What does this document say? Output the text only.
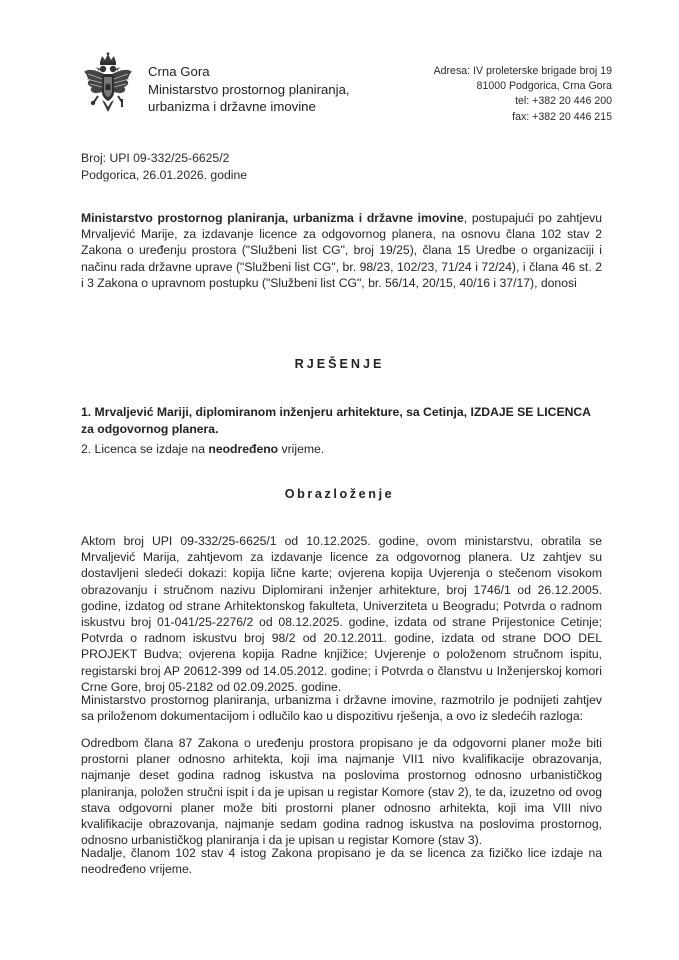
Crna Gora
Ministarstvo prostornog planiranja,
urbanizma i državne imovine
Adresa: IV proleterske brigade broj 19
81000 Podgorica, Crna Gora
tel: +382 20 446 200
fax: +382 20 446 215
Broj: UPI 09-332/25-6625/2
Podgorica, 26.01.2026. godine
Ministarstvo prostornog planiranja, urbanizma i državne imovine, postupajući po zahtjevu Mrvaljević Marije, za izdavanje licence za odgovornog planera, na osnovu člana 102 stav 2 Zakona o uređenju prostora ("Službeni list CG", broj 19/25), člana 15 Uredbe o organizaciji i načinu rada državne uprave ("Službeni list CG", br. 98/23, 102/23, 71/24 i 72/24), i člana 46 st. 2 i 3 Zakona o upravnom postupku ("Službeni list CG", br. 56/14, 20/15, 40/16 i 37/17), donosi
RJEŠENJE
1. Mrvaljević Mariji, diplomiranom inženjeru arhitekture, sa Cetinja, IZDAJE SE LICENCA za odgovornog planera.
2. Licenca se izdaje na neodređeno vrijeme.
Obrazloženje
Aktom broj UPI 09-332/25-6625/1 od 10.12.2025. godine, ovom ministarstvu, obratila se Mrvaljević Marija, zahtjevom za izdavanje licence za odgovornog planera. Uz zahtjev su dostavljeni sledeći dokazi: kopija lične karte; ovjerena kopija Uvjerenja o stečenom visokom obrazovanju i stručnom nazivu Diplomirani inženjer arhitekture, broj 1746/1 od 26.12.2005. godine, izdatog od strane Arhitektonskog fakulteta, Univerziteta u Beogradu; Potvrda o radnom iskustvu broj 01-041/25-2276/2 od 08.12.2025. godine, izdata od strane Prijestonice Cetinje; Potvrda o radnom iskustvu broj 98/2 od 20.12.2011. godine, izdata od strane DOO DEL PROJEKT Budva; ovjerena kopija Radne knjižice; Uvjerenje o položenom stručnom ispitu, registarski broj AP 20612-399 od 14.05.2012. godine; i Potvrda o članstvu u Inženjerskoj komori Crne Gore, broj 05-2182 od 02.09.2025. godine.
Ministarstvo prostornog planiranja, urbanizma i državne imovine, razmotrilo je podnijeti zahtjev sa priloženom dokumentacijom i odlučilo kao u dispozitivu rješenja, a ovo iz sledećih razloga:
Odredbom člana 87 Zakona o uređenju prostora propisano je da odgovorni planer može biti prostorni planer odnosno arhitekta, koji ima najmanje VII1 nivo kvalifikacije obrazovanja, najmanje deset godina radnog iskustva na poslovima prostornog odnosno urbanističkog planiranja, položen stručni ispit i da je upisan u registar Komore (stav 2), te da, izuzetno od ovog stava odgovorni planer može biti prostorni planer odnosno arhitekta, koji ima VIII nivo kvalifikacije obrazovanja, najmanje sedam godina radnog iskustva na poslovima prostornog, odnosno urbanističkog planiranja i da je upisan u registar Komore (stav 3).
Nadalje, članom 102 stav 4 istog Zakona propisano je da se licenca za fizičko lice izdaje na neodređeno vrijeme.
